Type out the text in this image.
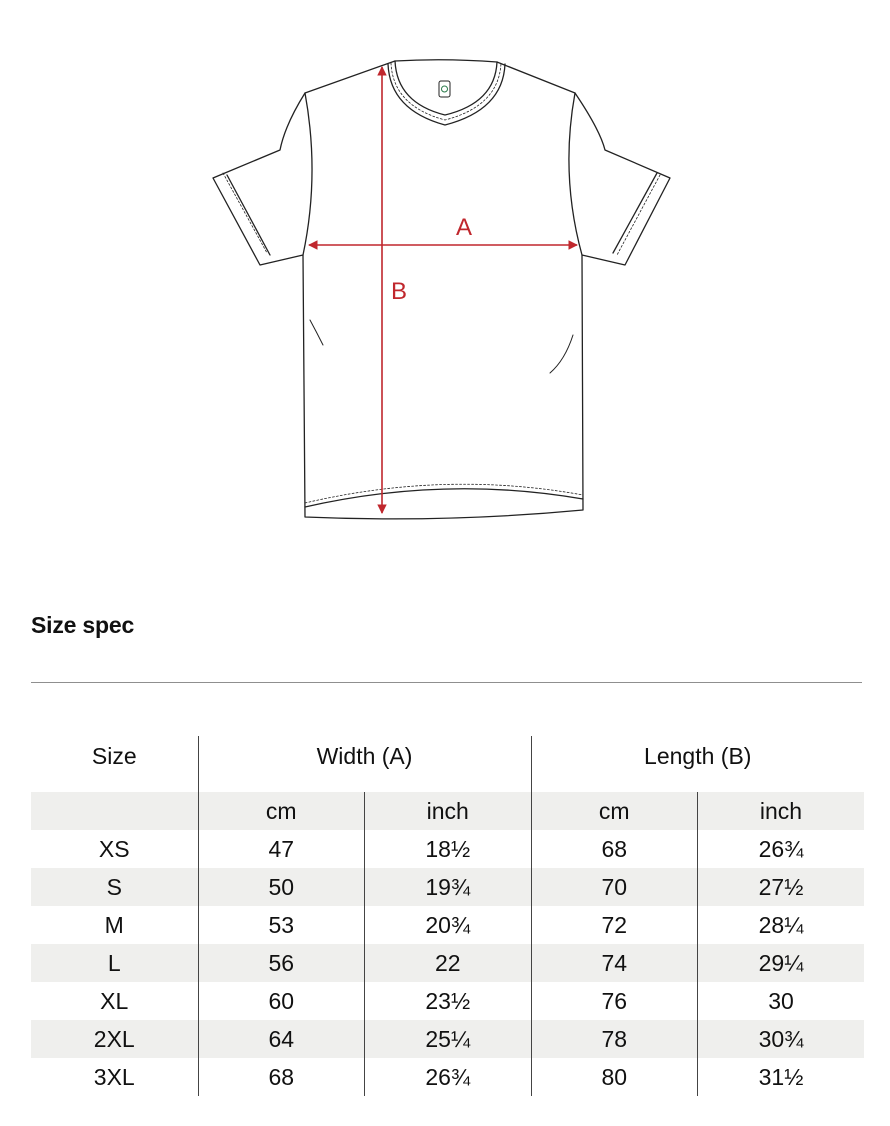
A
B
Size spec
Size	Width (A)		Length (B)	
	cm	inch	cm	inch
XS	47	18½	68	26¾
S	50	19¾	70	27½
M	53	20¾	72	28¼
L	56	22	74	29¼
XL	60	23½	76	30
2XL	64	25¼	78	30¾
3XL	68	26¾	80	31½
